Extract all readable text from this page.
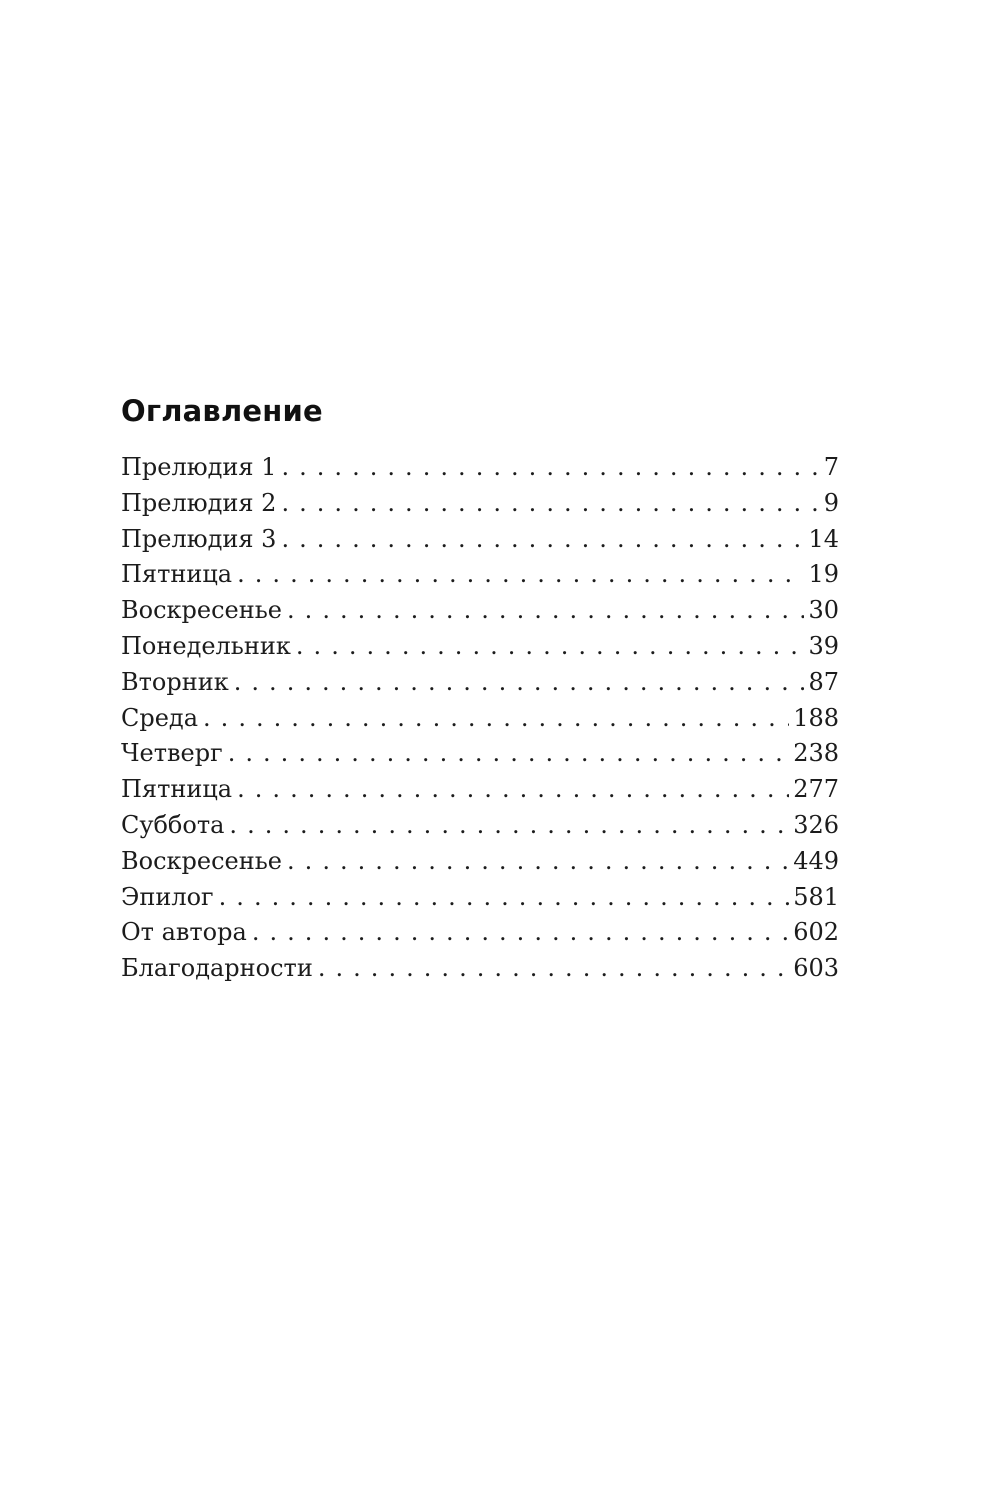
Оглавление
Прелюдия 1 . . .	7
Прелюдия 2 . . .	9
Прелюдия 3 . . .	14
Пятница . . .	19
Воскресенье . . .	30
Понедельник . . .	39
Вторник . . .	87
Среда . . .	188
Четверг . . .	238
Пятница . . .	277
Суббота . . .	326
Воскресенье . . .	449
Эпилог . . .	581
От автора . . .	602
Благодарности . . .	603
